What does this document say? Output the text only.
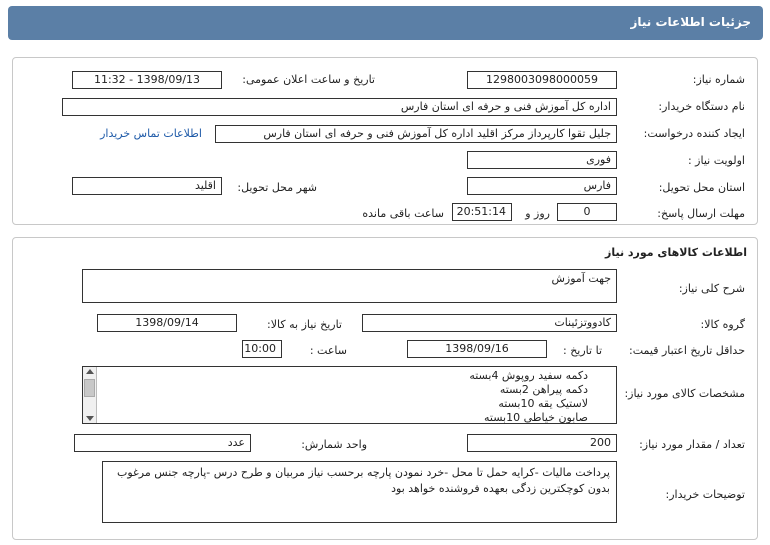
جزئیات اطلاعات نیاز
شماره نیاز:
1298003098000059
تاریخ و ساعت اعلان عمومی:
1398/09/13 - 11:32
نام دستگاه خریدار:
اداره کل آموزش فنی و حرفه ای استان فارس
ایجاد کننده درخواست:
جلیل تقوا کارپرداز مرکز اقلید اداره کل آموزش فنی و حرفه ای استان فارس
اطلاعات تماس خریدار
اولویت نیاز :
فوری
استان محل تحویل:
فارس
شهر محل تحویل:
اقلید
مهلت ارسال پاسخ:
0
روز و
20:51:14
ساعت باقی مانده
اطلاعات کالاهای مورد نیاز
شرح کلی نیاز:
جهت آموزش
گروه کالا:
کادووتزئینات
تاریخ نیاز به کالا:
1398/09/14
حداقل تاریخ اعتبار قیمت:
تا تاریخ :
1398/09/16
ساعت :
10:00
مشخصات کالای مورد نیاز:
دکمه سفید روپوش 4بسته
دکمه پیراهن 2بسته
لاستیک یقه 10بسته
صابون خیاطی 10بسته
تعداد / مقدار مورد نیاز:
200
واحد شمارش:
عدد
توضیحات خریدار:
پرداخت مالیات -کرایه حمل تا محل -خرد نمودن پارچه برحسب نیاز مربیان و طرح درس -پارچه جنس مرغوب بدون کوچکترین زدگی بعهده فروشنده خواهد بود
